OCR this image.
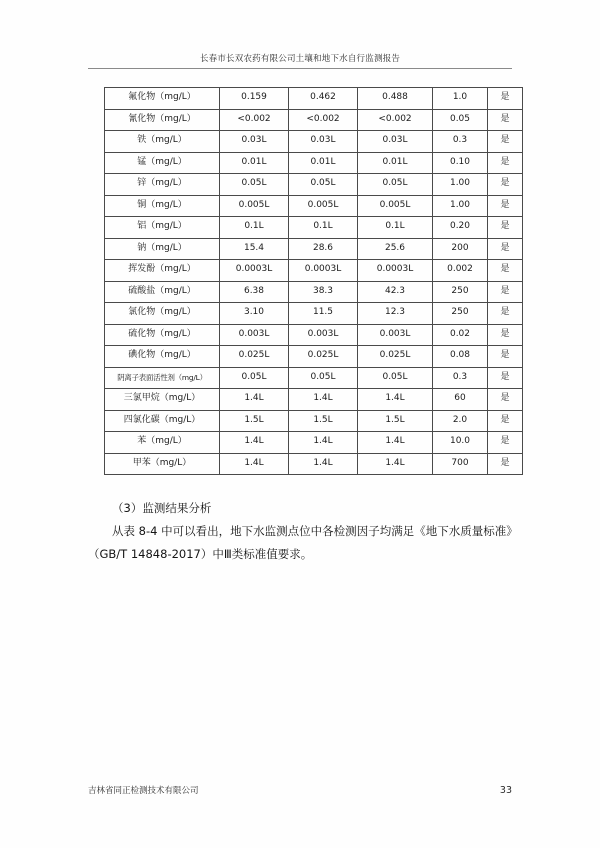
长春市长双农药有限公司土壤和地下水自行监测报告
氟化物（mg/L）	0.159	0.462	0.488	1.0	是
氰化物（mg/L）	<0.002	<0.002	<0.002	0.05	是
铁（mg/L）	0.03L	0.03L	0.03L	0.3	是
锰（mg/L）	0.01L	0.01L	0.01L	0.10	是
锌（mg/L）	0.05L	0.05L	0.05L	1.00	是
铜（mg/L）	0.005L	0.005L	0.005L	1.00	是
铝（mg/L）	0.1L	0.1L	0.1L	0.20	是
钠（mg/L）	15.4	28.6	25.6	200	是
挥发酚（mg/L）	0.0003L	0.0003L	0.0003L	0.002	是
硫酸盐（mg/L）	6.38	38.3	42.3	250	是
氯化物（mg/L）	3.10	11.5	12.3	250	是
硫化物（mg/L）	0.003L	0.003L	0.003L	0.02	是
碘化物（mg/L）	0.025L	0.025L	0.025L	0.08	是
阴离子表面活性剂（mg/L）	0.05L	0.05L	0.05L	0.3	是
三氯甲烷（mg/L）	1.4L	1.4L	1.4L	60	是
四氯化碳（mg/L）	1.5L	1.5L	1.5L	2.0	是
苯（mg/L）	1.4L	1.4L	1.4L	10.0	是
甲苯（mg/L）	1.4L	1.4L	1.4L	700	是
（3）监测结果分析
从表 8-4 中可以看出，地下水监测点位中各检测因子均满足《地下水质量标准》（GB/T 14848-2017）中Ⅲ类标准值要求。
吉林省同正检测技术有限公司	33
